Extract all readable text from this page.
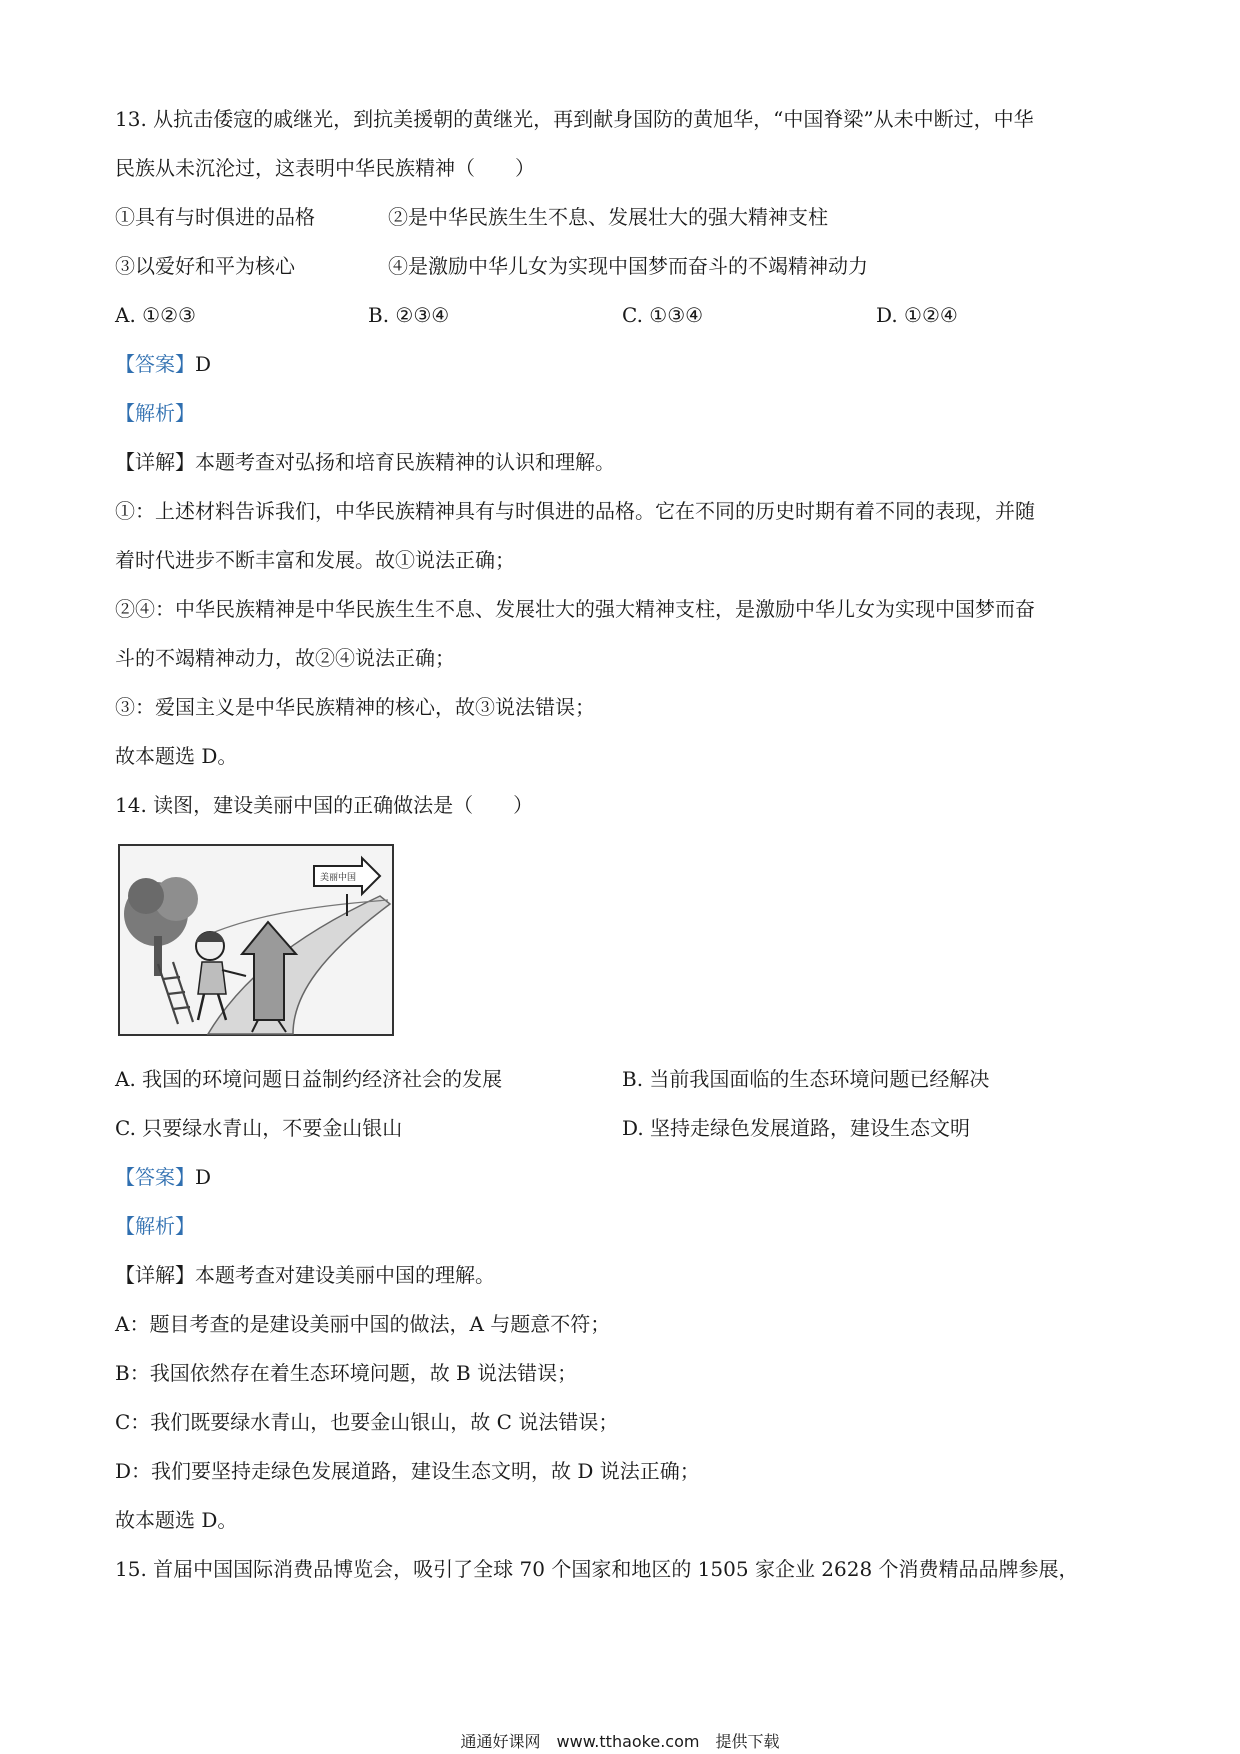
13. 从抗击倭寇的戚继光，到抗美援朝的黄继光，再到献身国防的黄旭华，“中国脊梁”从未中断过，中华
民族从未沉沦过，这表明中华民族精神（　　）
①具有与时俱进的品格	②是中华民族生生不息、发展壮大的强大精神支柱
③以爱好和平为核心	④是激励中华儿女为实现中国梦而奋斗的不竭精神动力
A. ①②③	B. ②③④	C. ①③④	D. ①②④
【答案】D
【解析】
【详解】本题考查对弘扬和培育民族精神的认识和理解。
①：上述材料告诉我们，中华民族精神具有与时俱进的品格。它在不同的历史时期有着不同的表现，并随
着时代进步不断丰富和发展。故①说法正确；
②④：中华民族精神是中华民族生生不息、发展壮大的强大精神支柱，是激励中华儿女为实现中国梦而奋
斗的不竭精神动力，故②④说法正确；
③：爱国主义是中华民族精神的核心，故③说法错误；
故本题选 D。
14. 读图，建设美丽中国的正确做法是（　　）
美丽中国
A. 我国的环境问题日益制约经济社会的发展	B. 当前我国面临的生态环境问题已经解决
C. 只要绿水青山，不要金山银山	D. 坚持走绿色发展道路，建设生态文明
【答案】D
【解析】
【详解】本题考查对建设美丽中国的理解。
A：题目考查的是建设美丽中国的做法，A 与题意不符；
B：我国依然存在着生态环境问题，故 B 说法错误；
C：我们既要绿水青山，也要金山银山，故 C 说法错误；
D：我们要坚持走绿色发展道路，建设生态文明，故 D 说法正确；
故本题选 D。
15. 首届中国国际消费品博览会，吸引了全球 70 个国家和地区的 1505 家企业 2628 个消费精品品牌参展，
通通好课网　www.tthaoke.com　提供下载
